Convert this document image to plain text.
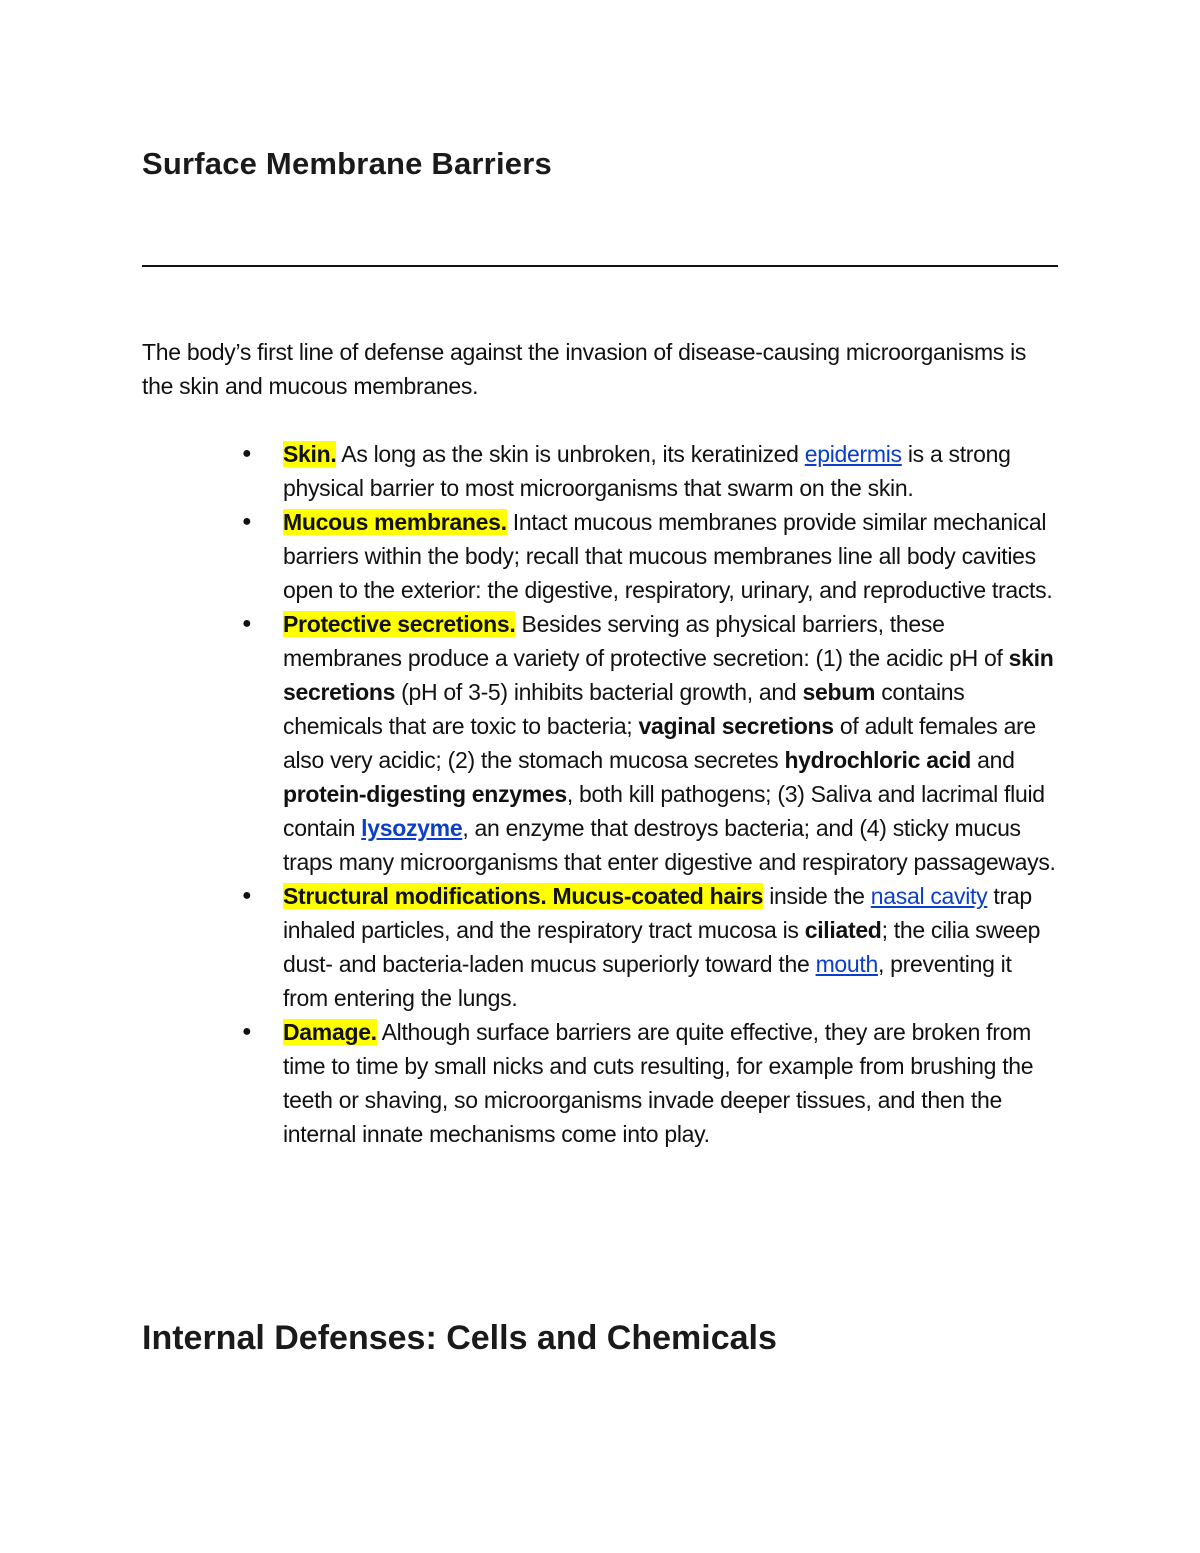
Surface Membrane Barriers

The body’s first line of defense against the invasion of disease-causing microorganisms is the skin and mucous membranes.

● Skin. As long as the skin is unbroken, its keratinized epidermis is a strong physical barrier to most microorganisms that swarm on the skin.
● Mucous membranes. Intact mucous membranes provide similar mechanical barriers within the body; recall that mucous membranes line all body cavities open to the exterior: the digestive, respiratory, urinary, and reproductive tracts.
● Protective secretions. Besides serving as physical barriers, these membranes produce a variety of protective secretion: (1) the acidic pH of skin secretions (pH of 3-5) inhibits bacterial growth, and sebum contains chemicals that are toxic to bacteria; vaginal secretions of adult females are also very acidic; (2) the stomach mucosa secretes hydrochloric acid and protein-digesting enzymes, both kill pathogens; (3) Saliva and lacrimal fluid contain lysozyme, an enzyme that destroys bacteria; and (4) sticky mucus traps many microorganisms that enter digestive and respiratory passageways.
● Structural modifications. Mucus-coated hairs inside the nasal cavity trap inhaled particles, and the respiratory tract mucosa is ciliated; the cilia sweep dust- and bacteria-laden mucus superiorly toward the mouth, preventing it from entering the lungs.
● Damage. Although surface barriers are quite effective, they are broken from time to time by small nicks and cuts resulting, for example from brushing the teeth or shaving, so microorganisms invade deeper tissues, and then the internal innate mechanisms come into play.
Internal Defenses: Cells and Chemicals
